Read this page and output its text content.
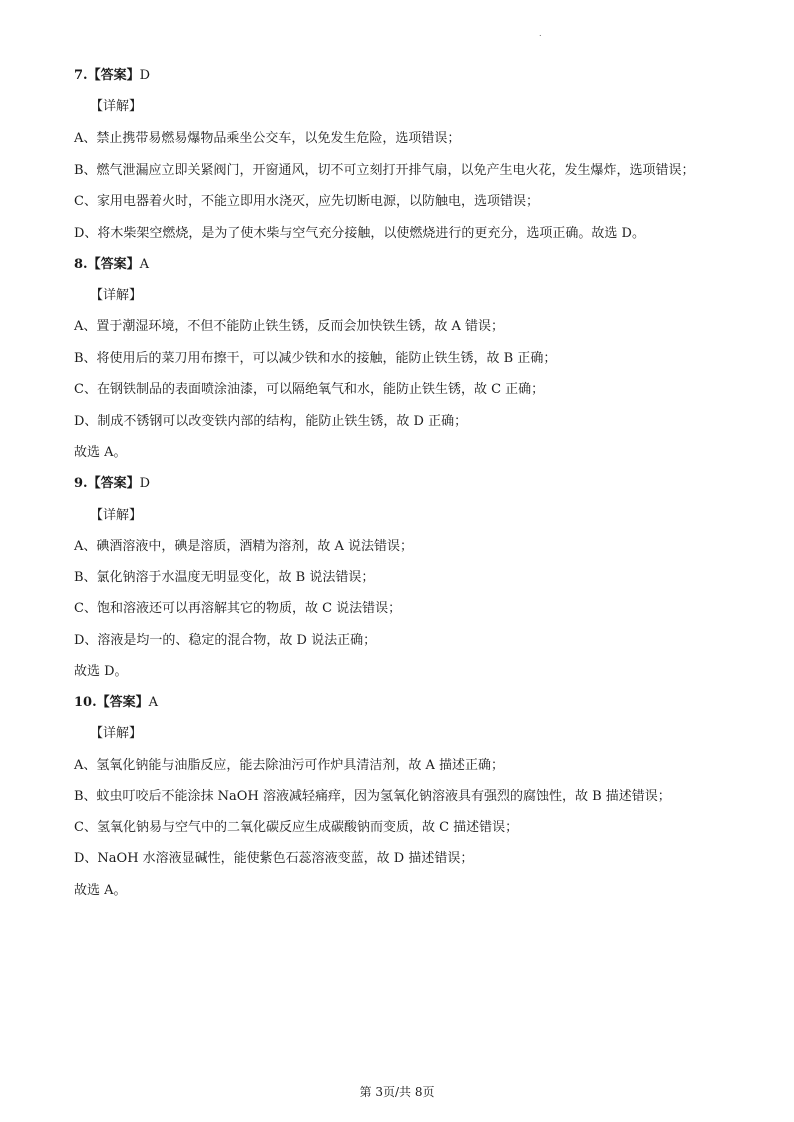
.
7.【答案】D
【详解】
A、禁止携带易燃易爆物品乘坐公交车，以免发生危险，选项错误；
B、燃气泄漏应立即关紧阀门，开窗通风，切不可立刻打开排气扇，以免产生电火花，发生爆炸，选项错误；
C、家用电器着火时，不能立即用水浇灭，应先切断电源，以防触电，选项错误；
D、将木柴架空燃烧，是为了使木柴与空气充分接触，以使燃烧进行的更充分，选项正确。故选 D。
8.【答案】A
【详解】
A、置于潮湿环境，不但不能防止铁生锈，反而会加快铁生锈，故 A 错误；
B、将使用后的菜刀用布擦干，可以减少铁和水的接触，能防止铁生锈，故 B 正确；
C、在钢铁制品的表面喷涂油漆，可以隔绝氧气和水，能防止铁生锈，故 C 正确；
D、制成不锈钢可以改变铁内部的结构，能防止铁生锈，故 D 正确；
故选 A。
9.【答案】D
【详解】
A、碘酒溶液中，碘是溶质，酒精为溶剂，故 A 说法错误；
B、氯化钠溶于水温度无明显变化，故 B 说法错误；
C、饱和溶液还可以再溶解其它的物质，故 C 说法错误；
D、溶液是均一的、稳定的混合物，故 D 说法正确；
故选 D。
10.【答案】A
【详解】
A、氢氧化钠能与油脂反应，能去除油污可作炉具清洁剂，故 A 描述正确；
B、蚊虫叮咬后不能涂抹 NaOH 溶液减轻痛痒，因为氢氧化钠溶液具有强烈的腐蚀性，故 B 描述错误；
C、氢氧化钠易与空气中的二氧化碳反应生成碳酸钠而变质，故 C 描述错误；
D、NaOH 水溶液显碱性，能使紫色石蕊溶液变蓝，故 D 描述错误；
故选 A。
第 3页/共 8页
